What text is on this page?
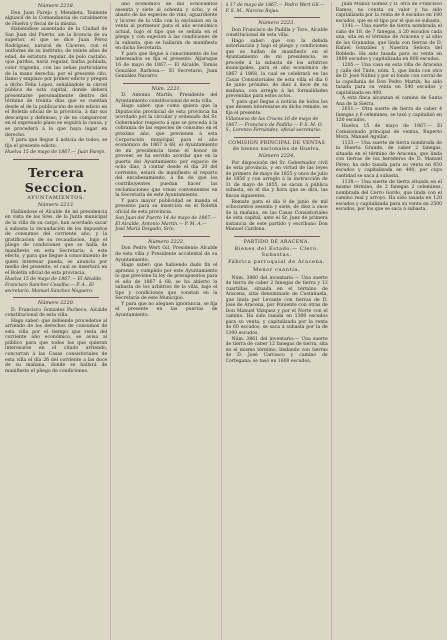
Número 2218.

Don Juan Farejo y Mendieta, Teniente alguacil de la Comandancia de carabineros de Huelva y fiscal de la misma.

Habiéndose ausentado de la Ciudad de San Juan del Puerto, sin la licencia de su superior, el que se dice Juan Pérez Rodríguez, natural de Cáceres, con el uniforme de su instituto; de veinte años de edad, de estatura regular, de pelo castaño, ojos pardos, nariz regular, barba poblada, color trigueño, con las señas particulares de la mano derecha; por el presente cito, llamo y emplazo por primer edicto y pregon a dicho Felix Lopez, señalándole la cárcel pública de esta capital, donde deberá presentarse personalmente dentro del término de treinta días que se cuentan desde el de la publicación de este edicto en el Boletín oficial de la provincia, á dar sus descargos y defensas; y de no comparecer en el expresado plazo se seguirá la causa, y se procederá á lo que haya lugar en derecho.

Y para que llegue á noticia de todos, se fija el presente edicto.

Huelva 15 de mayo de 1867.— Juan Farejo.

Tercera Seccion.

AYUNTAMIENTOS.

Número 2213.

Hallándose el Alcalde de mi presidencia en vista de los Sres. de la Junta municipal de la villa de su cargo, han acordado sacar á subasta la recaudación de los impuestos de consumos del corriente año, y la gratificacion de su recaudacion, bajo el pliego de condiciones que se halla de manifiesto en esta Secretaría; á este efecto, y para que llegue á conocimiento de quien interesar pueda, se anuncia por medio del presente, el cual se insertará en el Boletín oficial de esta provincia.

Huelva 15 de mayo de 1867.— El Alcalde, Francisco Sanchez Cesalba.— P. A., El secretario, Manuel Sanchez Noguero.

Número 2220.

D. Francisco Gonzalez Pacheco, Alcalde constitucional de esta villa.

Hago saber: que debiendo procederse al arriendo de los derechos de consumos de esta villa por el tiempo que resta del corriente año económico, se avisa al público para que todos los que quieran interesarse en el citado arriendo, concurran á las Casas consistoriales de esta villa el día 26 del corriente a las doce de su mañana, donde se hallará de manifiesto el pliego de condiciones.

año económico de mil ochocientos sesenta y siete al ochenta y ocho, y el abasto de las especies de vino, aguardiente y licores de la villa con la exclusion en la venta al pormenor para el año económico actual, bajo el tipo que se señala en el pliego y con sujecion á las condiciones de la subasta, que se hallarán de manifiesto en dicha Secretaría.

Y para que llegue á conocimiento de los interesados se fija el presente. Aljaraque 16 de mayo de 1867.— El Alcalde, Tomás González Barbosa.— El Secretario, Juan González Navarro.

Núm. 2221.

D. Antonio Martín, Presidente del Ayuntamiento constitucional de esta villa.

Hago saber: que como quiera que la Diputación provincial de esta provincia ha acordado por la circular y ordenado del Sr. Gobernador respecto á que se proceda á la cobranza de las especies de consumo en el próximo año, que previenen á esta Corporación municipal para el año económico de 1867 á 68, el Ayuntamiento de mi presidencia tiene el honor de proveer, se ha servido acordar que en la puerta del Ayuntamiento por espacio de ocho días, á contar desde el día 20 del corriente, estará de manifiesto el reparto del encabezamiento, á fin de que los contribuyentes puedan hacer las reclamaciones que crean convenientes en la Secretaría de este Ayuntamiento.

Y para mayor publicidad se manda el presente para su inserción en el Boletín oficial de esta provincia.

San Juan del Puerto 14 de mayo de 1867.— El Alcalde, Antonio Martín.— P. M. A.— José María Delgado, Srio.

Número 2222.

Don Pedro Wert Gil, Presidente Alcalde de esta villa y Presidente accidental de su Ayuntamiento.

Hago saber: que habiendo dado fin el apremio y cumplido por este Ayuntamiento lo que previene la ley de presupuestos para el año de 1867 á 68, se ha abierto la subasta de los arbitrios de la villa, bajo el tipo y condiciones que constan en la Secretaría de este Municipio.

Y para que no aleguen ignorancia, se fija el presente en las puertas de Ayuntamiento.

á 17 de mayo de 1867.— Pedro Wert Gil.— P. S. M., Narciso Rojas.

Número 2223.

Don Francisco de Padilla y Toro, Alcalde constitucional de esta villa.

Hago saber: que con la debida autorización y bajo el pliego y condiciones que se hallan de manifiesto en el Ayuntamiento de mi presidencia, se procede á la subasta de los arbitrios municipales, para el año económico de 1867 á 1868, la cual se celebrará en las Casas Consistoriales de esta villa el día 6 de junio próximo, de diez á doce de su mañana, con arreglo á las formalidades prevenidas para estos actos.

Y para que llegue á noticia de todos los que deseen interesarse en dicho remate, se fija el presente.

Villanueva de las Cruces 16 de mayo de 1867.— Francisco de Padilla.— P. S. M. O. S., Lorenzo Fernández, oficial secretario.

COMISION PRINCIPAL DE VENTAS de bienes nacionales de Huelva.

Número 2224.

Por disposición del Sr. Gobernador civil de esta provincia, y en virtud de las leyes de primero de mayo de 1855 y once de julio de 1856 y con arreglo á la instrucción de 31 de mayo de 1855, se sacan á pública subasta, en el día y hora que se dirá, las fincas siguientes.

Remate para el día 8 de junio de mil ochocientos sesenta y siete, de diez á once de la mañana, en las Casas Consistoriales de esta capital, ante el Sr. Juez de primera instancia de este partido y escribano Don Manuel Cardona.

PARTIDO DE ARACENA.

Bienes del Estado.— Clero. Subastas.

Fábrica parroquial de Aracena.

Menor cuantía.

Núm. 3860 del inventario.— Una suerte de tierra de caber 2 fanegas de tierra y 12 cuartillas, situada en el término de Aracena, sitio denominado de Castañuela, que linda por Levante con tierras de D. José de Aracena, por Poniente con otras de Don Manuel Vázquez y por el Norte con el camino. Ha sido tasada en 1300 escudos para su venta, y capitalizada por la renta de 60 escudos, se saca á subasta por la de 1300 escudos.

Núm. 3861 del inventario.— Una suerte de tierra de caber 12 fanegas de tierra, sita en el mismo término, lindando con tierras de D. José Carrasco y camino de Cortegana; se tasó en 1600 escudos.

Juan Muñoz Gomez y O. otra de Francisco Ramos, no consta su valor y ha sido capitalizada por la renta de 8 escudos en 180 escudos, que es el tipo por el que se subasta.

1141.— Una suerte de tierra nombrada el caño de 18, de 7 fanegas, á 20 escudos cada una, sita en el término de Aracena y al sitio de las Granadas, que linda con tierras de D. Rafael González y Nuestra Señora del Robledo. Ha sido tasada para su venta en 1800 escudos y capitalizada en 800 escudos.

1205.— Una casa en esta villa de Aracena y calle del Tinte, núm. 5, que linda con otra de D. José Núñez y por el fondo con corral de la capellanía de Don Pedro Martín; ha sido tasada para su venta en 540 escudos y capitalizada en 400.

A esta finca alcanzan el camino de Santa Ana de la Sierra.

2051.— Otra suerte de tierra de caber 4 fanegas y 6 celemines, se tasó y capitalizó en 120 escudos.

Huelva 15 de mayo de 1867.— El Comisionado principal de ventas, Ruperto Mora, Manuel Aguilar.

1133.— Una suerte de tierra nombrada de la Huerta Grande, de caber 2 fanegas, situada en el término de Aracena, que linda con tierras de los herederos de D. Manuel Pérez; ha sido tasada para su venta en 850 escudos y capitalizada en 400, por cuya cantidad se saca á subasta.

1138.— Una suerte de tierra situada en el mismo término, de 2 fanegas 2 celemines, nombrada del Cerro Gordo, que linda con el camino real y arroyo. Ha sido tasada en 120 escudos y capitalizada para su venta en 2500 escudos, por los que se saca á subasta.
